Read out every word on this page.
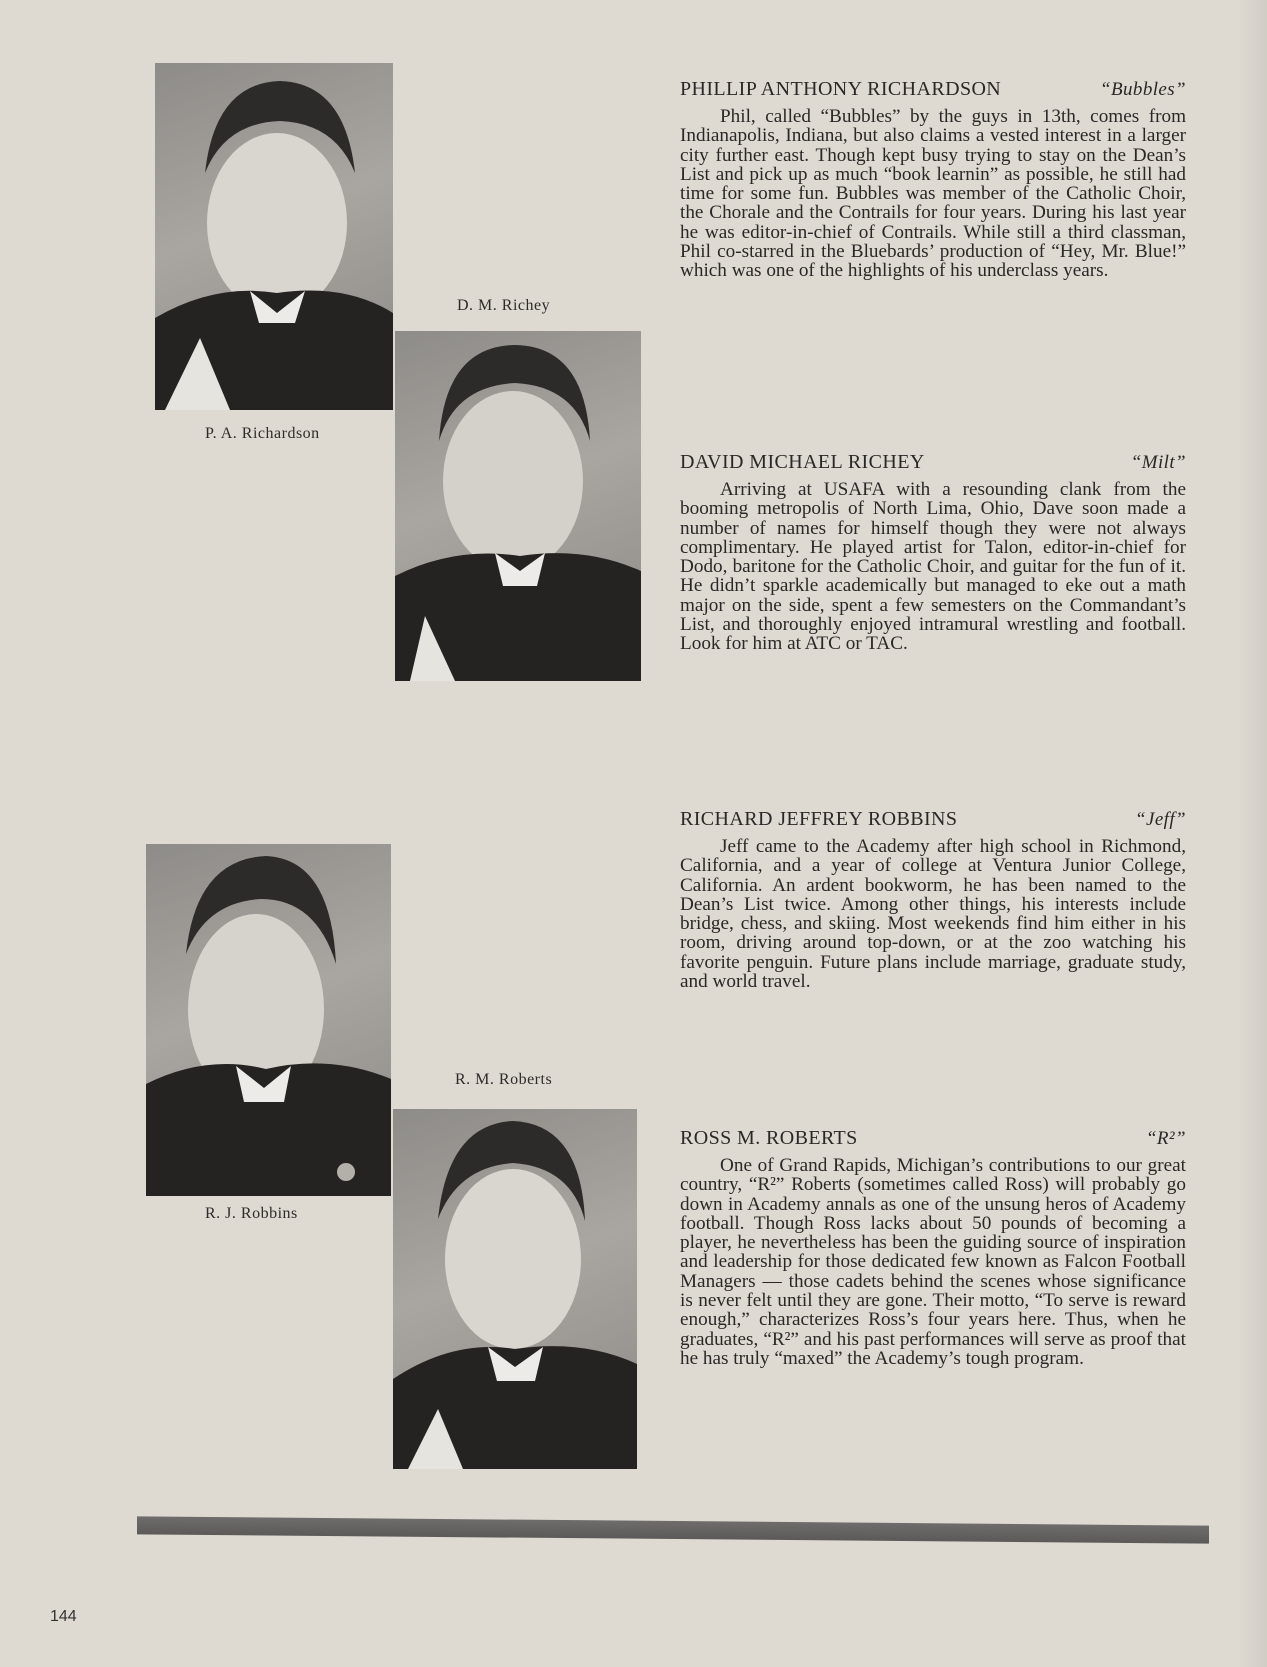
P. A. Richardson
D. M. Richey
R. J. Robbins
R. M. Roberts
PHILLIP ANTHONY RICHARDSON	“Bubbles”

Phil, called “Bubbles” by the guys in 13th, comes from Indianapolis, Indiana, but also claims a vested interest in a larger city further east. Though kept busy trying to stay on the Dean’s List and pick up as much “book learnin” as possible, he still had time for some fun. Bubbles was member of the Catholic Choir, the Chorale and the Contrails for four years. During his last year he was editor-in-chief of Contrails. While still a third classman, Phil co-starred in the Bluebards’ production of “Hey, Mr. Blue!” which was one of the highlights of his underclass years.

DAVID MICHAEL RICHEY	“Milt”

Arriving at USAFA with a resounding clank from the booming metropolis of North Lima, Ohio, Dave soon made a number of names for himself though they were not always complimentary. He played artist for Talon, editor-in-chief for Dodo, baritone for the Catholic Choir, and guitar for the fun of it. He didn’t sparkle academically but managed to eke out a math major on the side, spent a few semesters on the Commandant’s List, and thoroughly enjoyed intramural wrestling and football. Look for him at ATC or TAC.

RICHARD JEFFREY ROBBINS	“Jeff”

Jeff came to the Academy after high school in Richmond, California, and a year of college at Ventura Junior College, California. An ardent bookworm, he has been named to the Dean’s List twice. Among other things, his interests include bridge, chess, and skiing. Most weekends find him either in his room, driving around top-down, or at the zoo watching his favorite penguin. Future plans include marriage, graduate study, and world travel.

ROSS M. ROBERTS	“R²”

One of Grand Rapids, Michigan’s contributions to our great country, “R²” Roberts (sometimes called Ross) will probably go down in Academy annals as one of the unsung heros of Academy football. Though Ross lacks about 50 pounds of becoming a player, he nevertheless has been the guiding source of inspiration and leadership for those dedicated few known as Falcon Football Managers — those cadets behind the scenes whose significance is never felt until they are gone. Their motto, “To serve is reward enough,” characterizes Ross’s four years here. Thus, when he graduates, “R²” and his past performances will serve as proof that he has truly “maxed” the Academy’s tough program.

144
